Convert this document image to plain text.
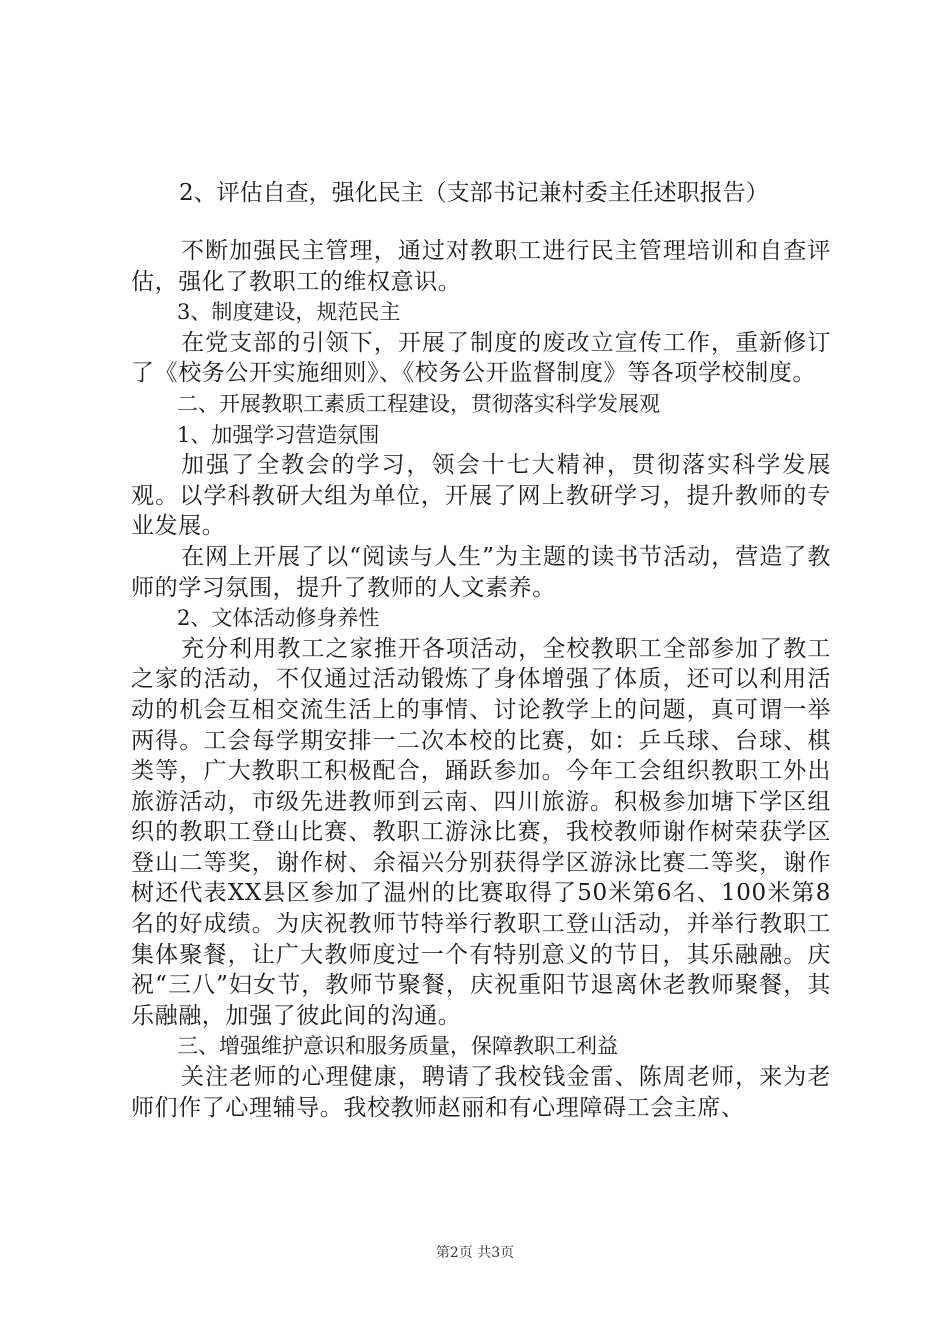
2、评估自查，强化民主（支部书记兼村委主任述职报告）

不断加强民主管理，通过对教职工进行民主管理培训和自查评估，强化了教职工的维权意识。

3、制度建设，规范民主

在党支部的引领下，开展了制度的废改立宣传工作，重新修订了《校务公开实施细则》、《校务公开监督制度》等各项学校制度。

二、开展教职工素质工程建设，贯彻落实科学发展观

1、加强学习营造氛围

加强了全教会的学习，领会十七大精神，贯彻落实科学发展观。以学科教研大组为单位，开展了网上教研学习，提升教师的专业发展。

在网上开展了以“阅读与人生”为主题的读书节活动，营造了教师的学习氛围，提升了教师的人文素养。

2、文体活动修身养性

充分利用教工之家推开各项活动，全校教职工全部参加了教工之家的活动，不仅通过活动锻炼了身体增强了体质，还可以利用活动的机会互相交流生活上的事情、讨论教学上的问题，真可谓一举两得。工会每学期安排一二次本校的比赛，如：乒乓球、台球、棋类等，广大教职工积极配合，踊跃参加。今年工会组织教职工外出旅游活动，市级先进教师到云南、四川旅游。积极参加塘下学区组织的教职工登山比赛、教职工游泳比赛，我校教师谢作树荣获学区登山二等奖，谢作树、余福兴分别获得学区游泳比赛二等奖，谢作树还代表XX县区参加了温州的比赛取得了50米第6名、100米第8名的好成绩。为庆祝教师节特举行教职工登山活动，并举行教职工集体聚餐，让广大教师度过一个有特别意义的节日，其乐融融。庆祝“三八”妇女节，教师节聚餐，庆祝重阳节退离休老教师聚餐，其乐融融，加强了彼此间的沟通。

三、增强维护意识和服务质量，保障教职工利益

关注老师的心理健康，聘请了我校钱金雷、陈周老师，来为老师们作了心理辅导。我校教师赵丽和有心理障碍工会主席、

第2页 共3页
